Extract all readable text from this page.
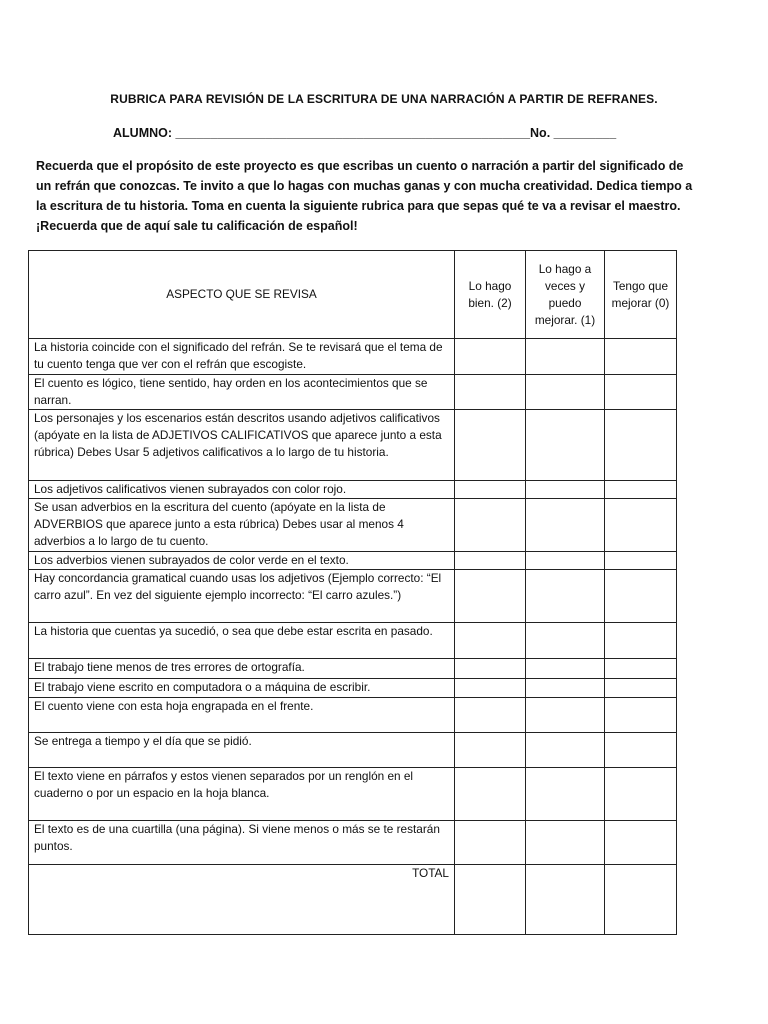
RUBRICA PARA REVISIÓN DE LA ESCRITURA DE UNA NARRACIÓN A PARTIR DE REFRANES.
ALUMNO: ___________________________________________________No. _________
Recuerda que el propósito de este proyecto es que escribas un cuento o narración a partir del significado de un refrán que conozcas. Te invito a que lo hagas con muchas ganas y con mucha creatividad. Dedica tiempo a la escritura de tu historia. Toma en cuenta la siguiente rubrica para que sepas qué te va a revisar el maestro. ¡Recuerda que de aquí sale tu calificación de español!
ASPECTO QUE SE REVISA	Lo hago bien. (2)	Lo hago a veces y puedo mejorar. (1)	Tengo que mejorar (0)
La historia coincide con el significado del refrán. Se te revisará que el tema de tu cuento tenga que ver con el refrán que escogiste.			
El cuento es lógico, tiene sentido, hay orden en los acontecimientos que se narran.			
Los personajes y los escenarios están descritos usando adjetivos calificativos (apóyate en la lista de ADJETIVOS CALIFICATIVOS que aparece junto a esta rúbrica) Debes Usar 5 adjetivos calificativos a lo largo de tu historia.			
Los adjetivos calificativos vienen subrayados con color rojo.			
Se usan adverbios en la escritura del cuento (apóyate en la lista de ADVERBIOS que aparece junto a esta rúbrica) Debes usar al menos 4 adverbios a lo largo de tu cuento.			
Los adverbios vienen subrayados de color verde en el texto.			
Hay concordancia gramatical cuando usas los adjetivos (Ejemplo correcto: “El carro azul”. En vez del siguiente ejemplo incorrecto: “El carro azules.”)			
La historia que cuentas ya sucedió, o sea que debe estar escrita en pasado.			
El trabajo tiene menos de tres errores de ortografía.			
El trabajo viene escrito en computadora o a máquina de escribir.			
El cuento viene con esta hoja engrapada en el frente.			
Se entrega a tiempo y el día que se pidió.			
El texto viene en párrafos y estos vienen separados por un renglón en el cuaderno o por un espacio en la hoja blanca.			
El texto es de una cuartilla (una página). Si viene menos o más se te restarán puntos.			
TOTAL			
